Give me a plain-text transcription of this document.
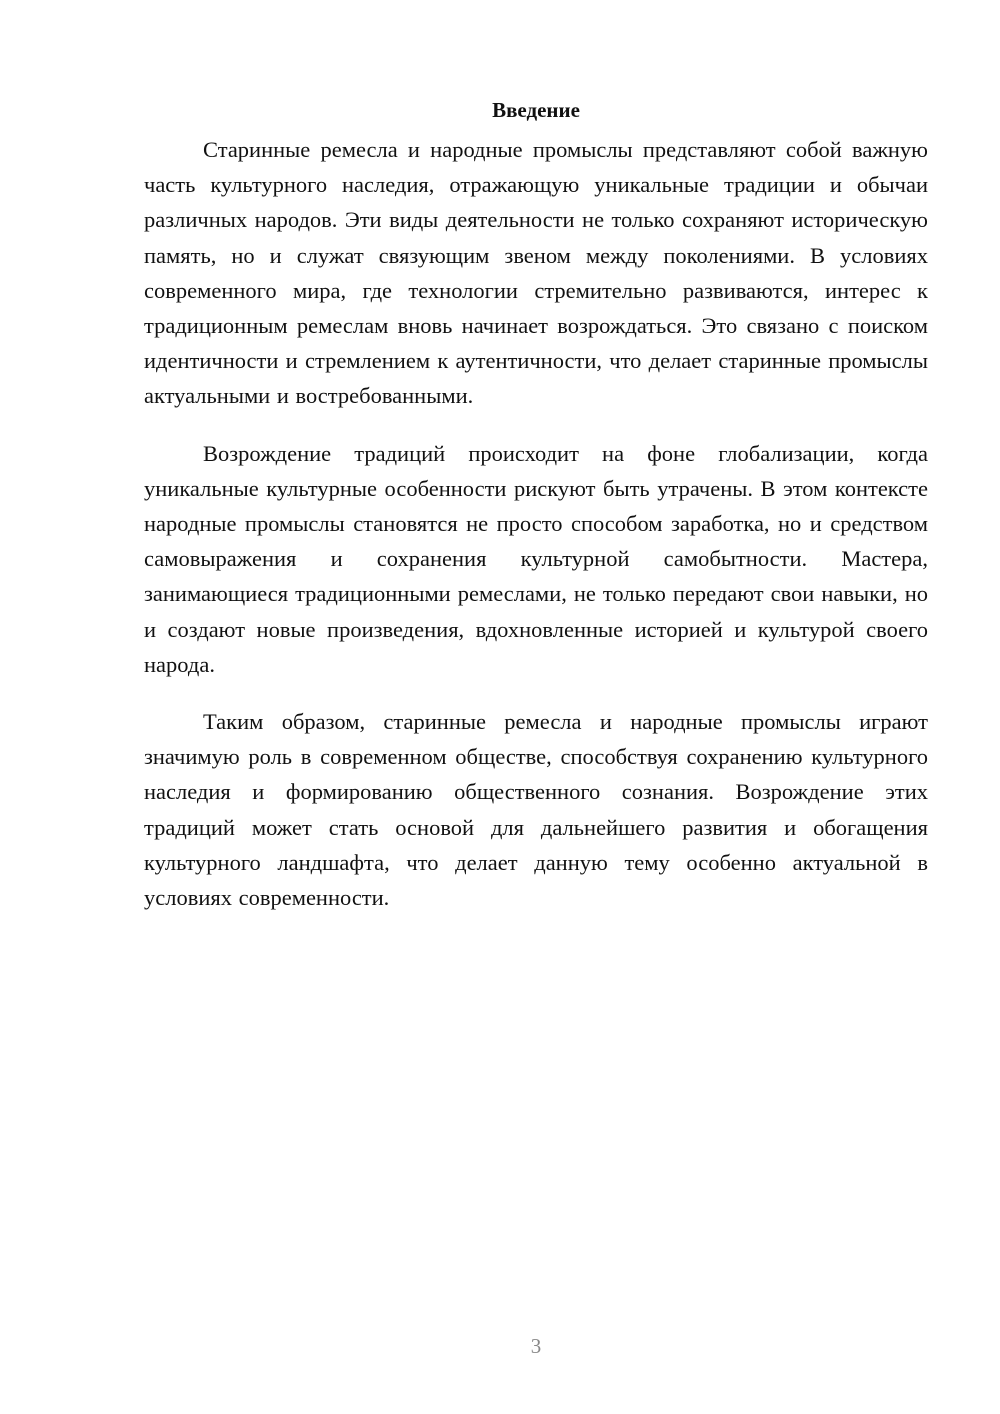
Введение

Старинные ремесла и народные промыслы представляют собой важную часть культурного наследия, отражающую уникальные традиции и обычаи различных народов. Эти виды деятельности не только сохраняют историческую память, но и служат связующим звеном между поколениями. В условиях современного мира, где технологии стремительно развиваются, интерес к традиционным ремеслам вновь начинает возрождаться. Это связано с поиском идентичности и стремлением к аутентичности, что делает старинные промыслы актуальными и востребованными.

Возрождение традиций происходит на фоне глобализации, когда уникальные культурные особенности рискуют быть утрачены. В этом контексте народные промыслы становятся не просто способом заработка, но и средством самовыражения и сохранения культурной самобытности. Мастера, занимающиеся традиционными ремеслами, не только передают свои навыки, но и создают новые произведения, вдохновленные историей и культурой своего народа.

Таким образом, старинные ремесла и народные промыслы играют значимую роль в современном обществе, способствуя сохранению культурного наследия и формированию общественного сознания. Возрождение этих традиций может стать основой для дальнейшего развития и обогащения культурного ландшафта, что делает данную тему особенно актуальной в условиях современности.

3
